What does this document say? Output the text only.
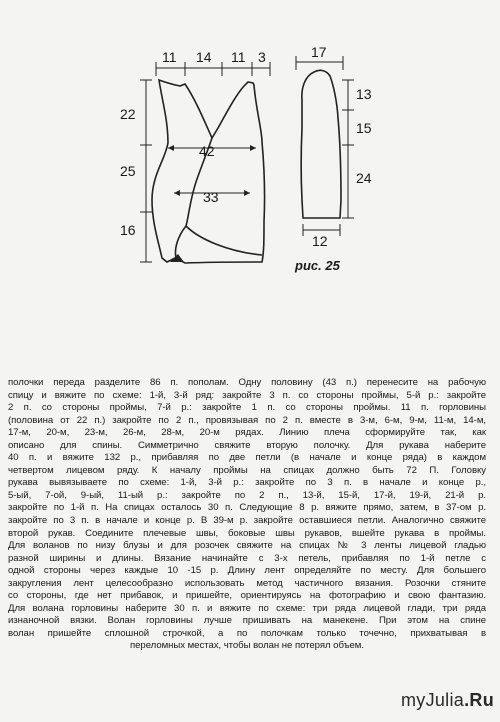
11 14 11 3
22
25
16
42
33
17
13
15
24
12
рис. 25
полочки переда разделите 86 п. пополам. Одну половину (43 п.) перенесите на рабочую
спицу и вяжите по схеме: 1-й, 3-й ряд: закройте 3 п. со стороны проймы, 5-й р.: закройте
2 п. со стороны проймы, 7-й р.: закройте 1 п. со стороны проймы. 11 п. горловины
(половина от 22 п.) закройте по 2 п., провязывая по 2 п. вместе в 3-м, 6-м, 9-м, 11-м, 14-м,
17-м, 20-м, 23-м, 26-м, 28-м, 20-м рядах. Линию плеча сформируйте так, как
описано для спины. Симметрично свяжите вторую полочку. Для рукава наберите
40 п. и вяжите 132 р., прибавляя по две петли (в начале и конце ряда) в каждом
четвертом лицевом ряду. К началу проймы на спицах должно быть 72 П. Головку
рукава вывязываете по схеме: 1-й, 3-й р.: закройте по 3 п. в начале и конце р.,
5-ый, 7-ой, 9-ый, 11-ый р.: закройте по 2 п., 13-й, 15-й, 17-й, 19-й, 21-й р.
закройте по 1-й п. На спицах осталось 30 п. Следующие 8 р. вяжите прямо, затем, в 37-ом р.
закройте по 3 п. в начале и конце р. В 39-м р. закройте оставшиеся петли. Аналогично свяжите
второй рукав. Соедините плечевые швы, боковые швы рукавов, вшейте рукава в проймы.
Для воланов по низу блузы и для розочек свяжите на спицах № 3 ленты лицевой гладью
разной ширины и длины. Вязание начинайте с 3-х петель, прибавляя по 1-й петле с
одной стороны через каждые 10 -15 р. Длину лент определяйте по месту. Для большего
закругления лент целесообразно использовать метод частичного вязания. Розочки стяните
со стороны, где нет прибавок, и пришейте, ориентируясь на фотографию и свою фантазию.
Для волана горловины наберите 30 п. и вяжите по схеме: три ряда лицевой глади, три ряда
изнаночной вязки. Волан горловины лучше пришивать на манекене. При этом на спине
волан пришейте сплошной строчкой, а по полочкам только точечно, прихватывая в
переломных местах, чтобы волан не потерял объем.
myJulia.Ru
